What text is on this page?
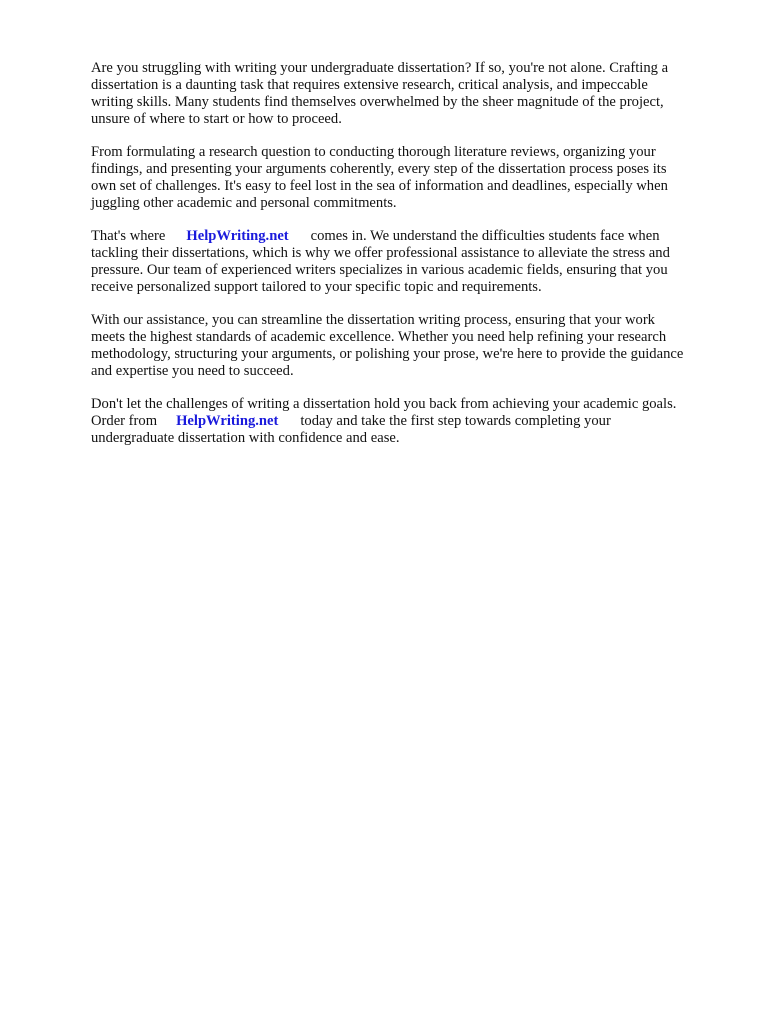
Are you struggling with writing your undergraduate dissertation? If so, you're not alone. Crafting a
dissertation is a daunting task that requires extensive research, critical analysis, and impeccable
writing skills. Many students find themselves overwhelmed by the sheer magnitude of the project,
unsure of where to start or how to proceed.

From formulating a research question to conducting thorough literature reviews, organizing your
findings, and presenting your arguments coherently, every step of the dissertation process poses its
own set of challenges. It's easy to feel lost in the sea of information and deadlines, especially when
juggling other academic and personal commitments.

That's where HelpWriting.net comes in. We understand the difficulties students face when
tackling their dissertations, which is why we offer professional assistance to alleviate the stress and
pressure. Our team of experienced writers specializes in various academic fields, ensuring that you
receive personalized support tailored to your specific topic and requirements.

With our assistance, you can streamline the dissertation writing process, ensuring that your work
meets the highest standards of academic excellence. Whether you need help refining your research
methodology, structuring your arguments, or polishing your prose, we're here to provide the guidance
and expertise you need to succeed.

Don't let the challenges of writing a dissertation hold you back from achieving your academic goals.
Order from HelpWriting.net today and take the first step towards completing your
undergraduate dissertation with confidence and ease.
